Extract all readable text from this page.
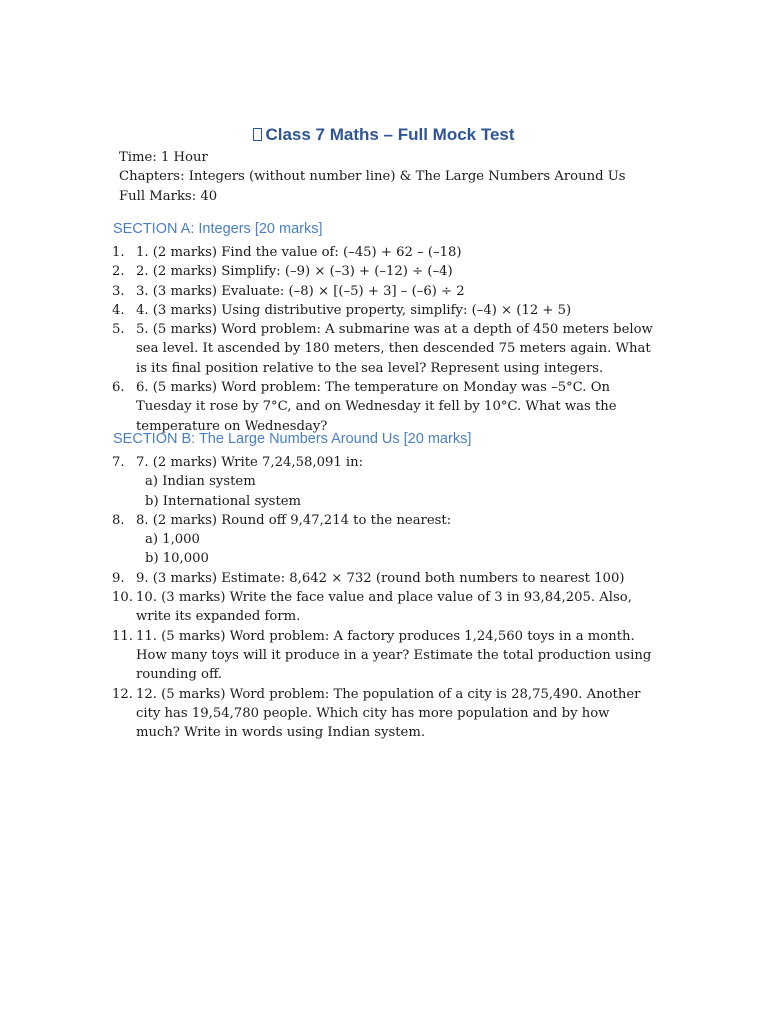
Class 7 Maths – Full Mock Test
Time: 1 Hour
Chapters: Integers (without number line) & The Large Numbers Around Us
Full Marks: 40
SECTION A: Integers [20 marks]
1. 1. (2 marks) Find the value of: (–45) + 62 – (–18)
2. 2. (2 marks) Simplify: (–9) × (–3) + (–12) ÷ (–4)
3. 3. (3 marks) Evaluate: (–8) × [(–5) + 3] – (–6) ÷ 2
4. 4. (3 marks) Using distributive property, simplify: (–4) × (12 + 5)
5. 5. (5 marks) Word problem: A submarine was at a depth of 450 meters below sea level. It ascended by 180 meters, then descended 75 meters again. What is its final position relative to the sea level? Represent using integers.
6. 6. (5 marks) Word problem: The temperature on Monday was –5°C. On Tuesday it rose by 7°C, and on Wednesday it fell by 10°C. What was the temperature on Wednesday?
SECTION B: The Large Numbers Around Us [20 marks]
7. 7. (2 marks) Write 7,24,58,091 in:
a) Indian system
b) International system
8. 8. (2 marks) Round off 9,47,214 to the nearest:
a) 1,000
b) 10,000
9. 9. (3 marks) Estimate: 8,642 × 732 (round both numbers to nearest 100)
10. 10. (3 marks) Write the face value and place value of 3 in 93,84,205. Also, write its expanded form.
11. 11. (5 marks) Word problem: A factory produces 1,24,560 toys in a month. How many toys will it produce in a year? Estimate the total production using rounding off.
12. 12. (5 marks) Word problem: The population of a city is 28,75,490. Another city has 19,54,780 people. Which city has more population and by how much? Write in words using Indian system.
